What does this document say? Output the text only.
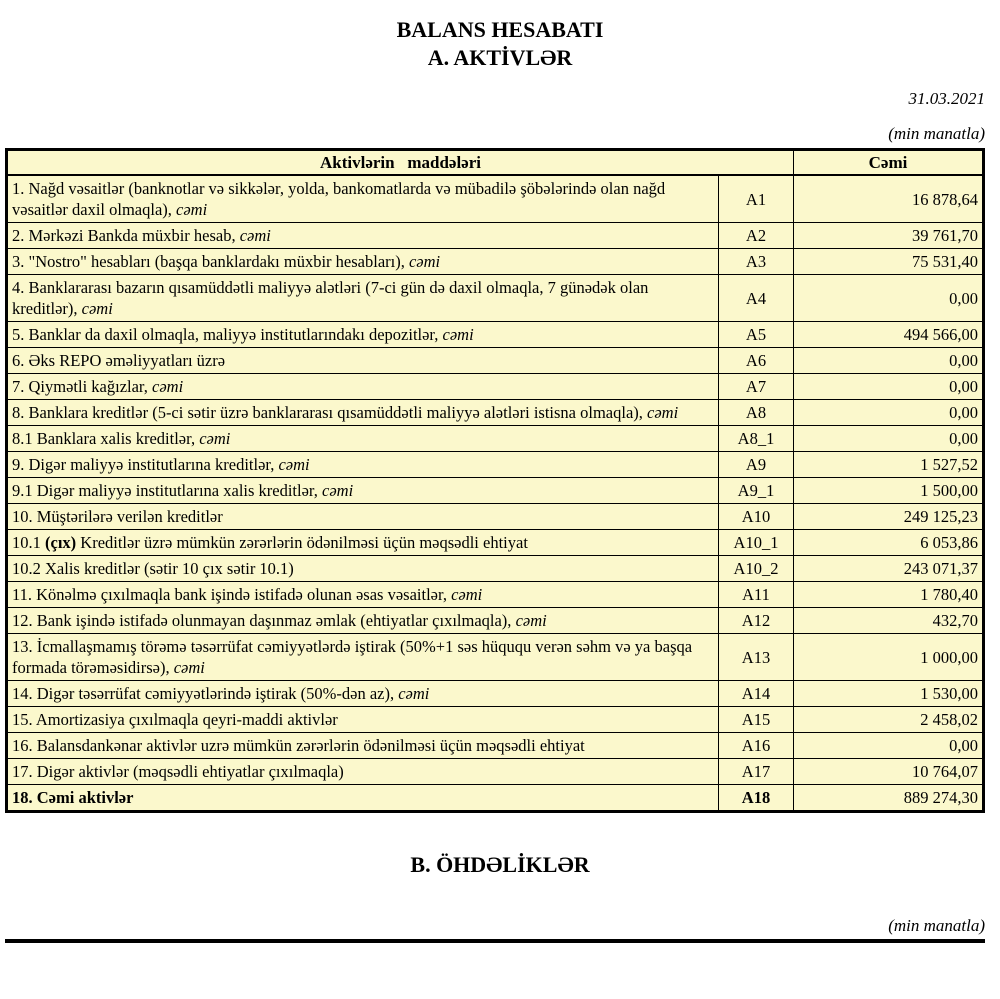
BALANS HESABATI
A. AKTİVLƏR
31.03.2021
(min manatla)
Aktivlərin   maddələri		Cəmi
1. Nağd vəsaitlər (banknotlar və sikkələr, yolda, bankomatlarda və mübadilə şöbələrində olan nağd vəsaitlər daxil olmaqla), cəmi	A1	16 878,64
2. Mərkəzi Bankda müxbir hesab, cəmi	A2	39 761,70
3. "Nostro" hesabları (başqa banklardakı müxbir hesabları), cəmi	A3	75 531,40
4. Banklararası bazarın qısamüddətli maliyyə alətləri (7-ci gün də daxil olmaqla, 7 günədək olan kreditlər), cəmi	A4	0,00
5. Banklar da daxil olmaqla, maliyyə institutlarındakı depozitlər, cəmi	A5	494 566,00
6. Əks REPO əməliyyatları üzrə	A6	0,00
7. Qiymətli kağızlar, cəmi	A7	0,00
8. Banklara kreditlər (5-ci sətir üzrə banklararası qısamüddətli maliyyə alətləri istisna olmaqla), cəmi	A8	0,00
8.1 Banklara xalis kreditlər, cəmi	A8_1	0,00
9. Digər maliyyə institutlarına kreditlər, cəmi	A9	1 527,52
9.1 Digər maliyyə institutlarına xalis kreditlər, cəmi	A9_1	1 500,00
10. Müştərilərə verilən kreditlər	A10	249 125,23
10.1 (çıx) Kreditlər üzrə mümkün zərərlərin ödənilməsi üçün məqsədli ehtiyat	A10_1	6 053,86
10.2 Xalis kreditlər (sətir 10 çıx sətir 10.1)	A10_2	243 071,37
11. Könəlmə çıxılmaqla bank işində istifadə olunan əsas vəsaitlər, cəmi	A11	1 780,40
12. Bank işində istifadə olunmayan daşınmaz əmlak (ehtiyatlar çıxılmaqla), cəmi	A12	432,70
13. İcmallaşmamış törəmə təsərrüfat cəmiyyətlərdə iştirak (50%+1 səs hüququ verən səhm və ya başqa formada törəməsidirsə), cəmi	A13	1 000,00
14. Digər təsərrüfat cəmiyyətlərində iştirak (50%-dən az), cəmi	A14	1 530,00
15. Amortizasiya çıxılmaqla qeyri-maddi aktivlər	A15	2 458,02
16. Balansdankənar aktivlər uzrə mümkün zərərlərin ödənilməsi üçün məqsədli ehtiyat	A16	0,00
17. Digər aktivlər (məqsədli ehtiyatlar çıxılmaqla)	A17	10 764,07
18. Cəmi aktivlər	A18	889 274,30
B. ÖHDƏLİKLƏR
(min manatla)
